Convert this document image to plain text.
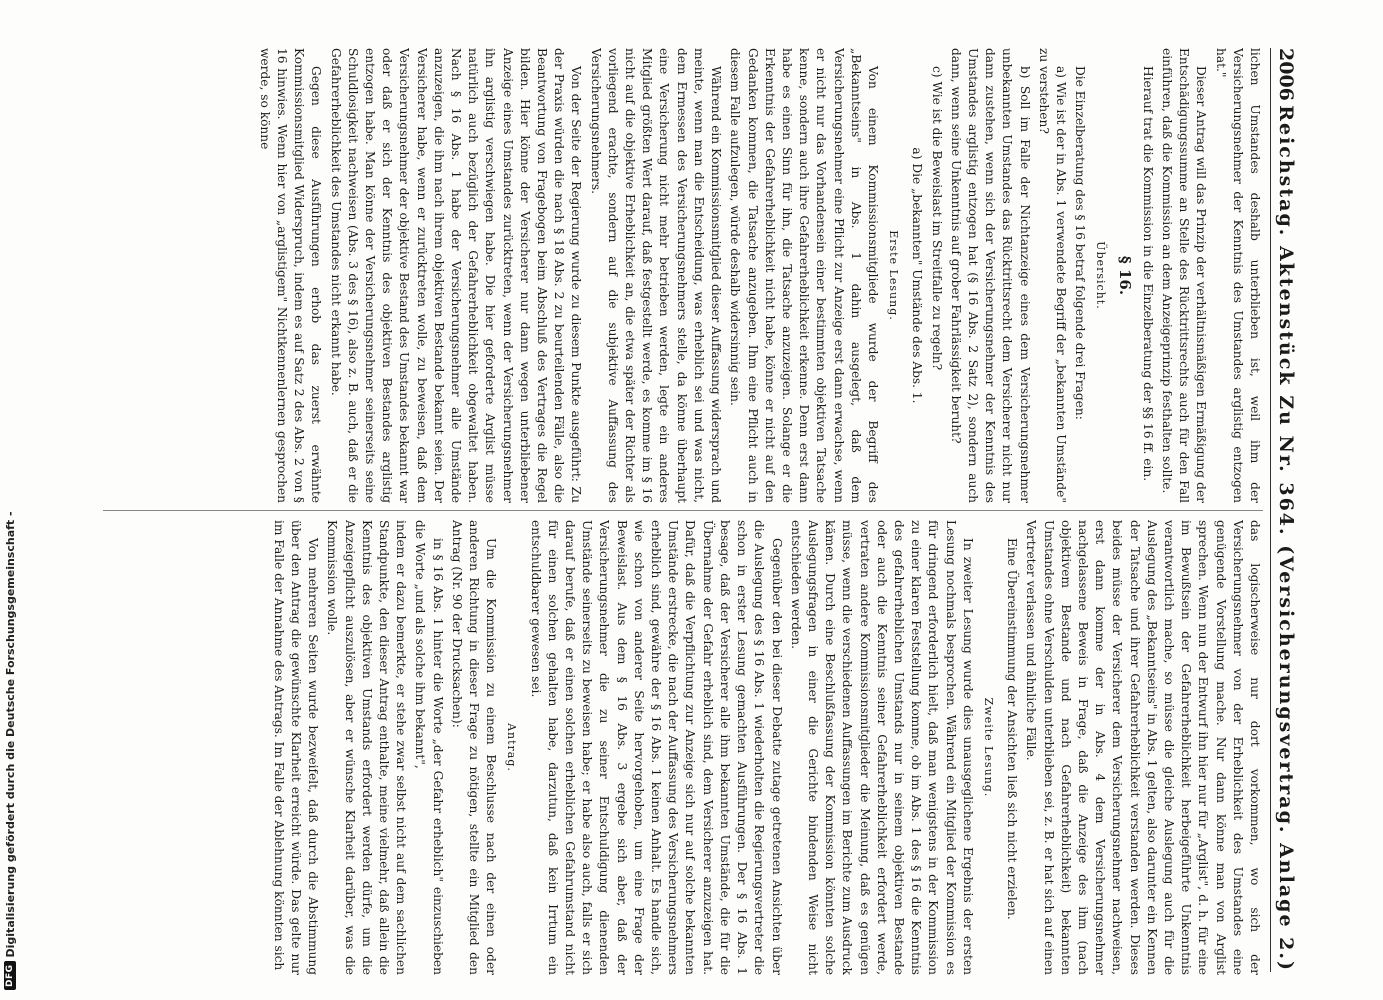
2006
Reichstag. Aktenstück Zu Nr. 364. (Versicherungsvertrag. Anlage 2.)

lichen Umstandes deshalb unterblieben ist, weil ihm der Versicherungsnehmer der Kenntnis des Umstandes arglistig entzogen hat."

Dieser Antrag will das Prinzip der verhältnismäßigen Ermäßigung der Entschädigungssumme an Stelle des Rücktrittsrechts auch für den Fall einführen, daß die Kommission an dem Anzeigeprinzip festhalten sollte.

Hierauf trat die Kommission in die Einzelberatung der §§ 16 ff. ein.

§ 16.
Übersicht.

Die Einzelberatung des § 16 betraf folgende drei Fragen:

a) Wie ist der in Abs. 1 verwendete Begriff der „bekannten Umstände" zu verstehen?

b) Soll im Falle der Nichtanzeige eines dem Versicherungsnehmer unbekannten Umstandes das Rücktrittsrecht dem Versicherer nicht nur dann zustehen, wenn sich der Versicherungsnehmer der Kenntnis des Umstandes arglistig entzogen hat (§ 16 Abs. 2 Satz 2), sondern auch dann, wenn seine Unkenntnis auf grober Fahrlässigkeit beruht?

c) Wie ist die Beweislast im Streitfalle zu regeln?

a) Die „bekannten" Umstände des Abs. 1.

Erste Lesung.

Von einem Kommissionsmitgliede wurde der Begriff des „Bekanntseins" in Abs. 1 dahin ausgelegt, daß dem Versicherungsnehmer eine Pflicht zur Anzeige erst dann erwachse, wenn er nicht nur das Vorhandensein einer bestimmten objektiven Tatsache kenne, sondern auch ihre Gefahrerheblichkeit erkenne. Denn erst dann habe es einen Sinn für ihn, die Tatsache anzuzeigen. Solange er die Erkenntnis der Gefahrerheblichkeit nicht habe, könne er nicht auf den Gedanken kommen, die Tatsache anzugeben. Ihm eine Pflicht auch in diesem Falle aufzulegen, würde deshalb widersinnig sein.

Während ein Kommissionsmitglied dieser Auffassung widersprach und meinte, wenn man die Entscheidung, was erheblich sei und was nicht, dem Ermessen des Versicherungsnehmers stelle, da könne überhaupt eine Versicherung nicht mehr betrieben werden, legte ein anderes Mitglied größten Wert darauf, daß festgestellt werde, es komme im § 16 nicht auf die objektive Erheblichkeit an, die etwa später der Richter als vorliegend erachte, sondern auf die subjektive Auffassung des Versicherungsnehmers.

Von der Seite der Regierung wurde zu diesem Punkte ausgeführt: Zu der Praxis würden die nach § 18 Abs. 2 zu beurteilenden Fälle, also die Beantwortung von Fragebogen beim Abschluß des Vertrages die Regel bilden. Hier könne der Versicherer nur dann wegen unterbliebener Anzeige eines Umstandes zurücktreten, wenn der Versicherungsnehmer ihn arglistig verschwiegen habe. Die hier geforderte Arglist müsse natürlich auch bezüglich der Gefahrerheblichkeit obgewaltet haben. Nach § 16 Abs. 1 habe der Versicherungsnehmer alle Umstände anzuzeigen, die ihm nach ihrem objektiven Bestande bekannt seien. Der Versicherer habe, wenn er zurücktreten wolle, zu beweisen, daß dem Versicherungsnehmer der objektive Bestand des Umstandes bekannt war oder daß er sich der Kenntnis des objektiven Bestandes arglistig entzogen habe. Man könne der Versicherungsnehmer seinerseits seine Schuldlosigkeit nachweisen (Abs. 3 des § 16), also z. B. auch, daß er die Gefahrerheblichkeit des Umstandes nicht erkannt habe.

Gegen diese Ausführungen erhob das zuerst erwähnte Kommissionsmitglied Widerspruch, indem es auf Satz 2 des Abs. 2 von § 16 hinwies. Wenn hier von „arglistigem" Nichtkennenlernen gesprochen werde, so könne

das logischerweise nur dort vorkommen, wo sich der Versicherungsnehmer von der Erheblichkeit des Umstandes eine genügende Vorstellung mache. Nur dann könne man von Arglist sprechen. Wenn nun der Entwurf ihn hier nur für „Arglist", d. h. für eine im Bewußtsein der Gefahrerheblichkeit herbeigeführte Unkenntnis verantwortlich mache, so müsse die gleiche Auslegung auch für die Auslegung des „Bekanntseins" in Abs. 1 gelten, also darunter ein Kennen der Tatsache und ihrer Gefahrerheblichkeit verstanden werden. Dieses beides müsse der Versicherer dem Versicherungsnehmer nachweisen, erst dann komme der in Abs. 4 dem Versicherungsnehmer nachgelassene Beweis in Frage, daß die Anzeige des ihm (nach objektivem Bestande und nach Gefahrerheblichkeit) bekannten Umstandes ohne Verschulden unterblieben sei, z. B. er hat sich auf einen Vertreter verlassen und ähnliche Fälle.

Eine Übereinstimmung der Ansichten ließ sich nicht erzielen.

Zweite Lesung.

In zweiter Lesung wurde dies unausgeglichene Ergebnis der ersten Lesung nochmals besprochen. Während ein Mitglied der Kommission es für dringend erforderlich hielt, daß man wenigstens in der Kommission zu einer klaren Feststellung komme, ob im Abs. 1 des § 16 die Kenntnis des gefahrerheblichen Umstands nur in seinem objektiven Bestande oder auch die Kenntnis seiner Gefahrerheblichkeit erfordert werde, vertraten andere Kommissionsmitglieder die Meinung, daß es genügen müsse, wenn die verschiedenen Auffassungen im Berichte zum Ausdruck kämen. Durch eine Beschlußfassung der Kommission könnten solche Auslegungsfragen in einer die Gerichte bindenden Weise nicht entschieden werden.

Gegenüber den bei dieser Debatte zutage getretenen Ansichten über die Auslegung des § 16 Abs. 1 wiederholten die Regierungsvertreter die schon in erster Lesung gemachten Ausführungen. Der § 16 Abs. 1 besage, daß der Versicherer alle ihm bekannten Umstände, die für die Übernahme der Gefahr erheblich sind, dem Versicherer anzuzeigen hat. Dafür, daß die Verpflichtung zur Anzeige sich nur auf solche bekannten Umstände erstrecke, die nach der Auffassung des Versicherungsnehmers erheblich sind, gewähre der § 16 Abs. 1 keinen Anhalt. Es handle sich, wie schon von anderer Seite hervorgehoben, um eine Frage der Beweislast. Aus dem § 16 Abs. 3 ergebe sich aber, daß der Versicherungsnehmer die zu seiner Entschuldigung dienenden Umstände seinerseits zu beweisen habe; er habe also auch, falls er sich darauf berufe, daß er einen solchen erheblichen Gefahrumstand nicht für einen solchen gehalten habe, darzutun, daß kein Irrtum ein entschuldbarer gewesen sei.

Antrag.

Um die Kommission zu einem Beschlusse nach der einen oder anderen Richtung in dieser Frage zu nötigen, stellte ein Mitglied den Antrag (Nr. 90 der Drucksachen):

in § 16 Abs. 1 hinter die Worte „der Gefahr erheblich" einzuschieben die Worte „und als solche ihm bekannt",

indem er dazu bemerkte, er stehe zwar selbst nicht auf dem sachlichen Standpunkte, den dieser Antrag enthalte, meine vielmehr, daß allein die Kenntnis des objektiven Umstands erfordert werden dürfe, um die Anzeigepflicht auszulösen, aber er wünsche Klarheit darüber, was die Kommission wolle.

Von mehreren Seiten wurde bezweifelt, daß durch die Abstimmung über den Antrag die gewünschte Klarheit erreicht würde. Das gelte nur im Falle der Annahme des Antrags. Im Falle der Ablehnung könnten sich

DFG
Digitalisierung gefördert durch die Deutsche Forschungsgemeinschaft -
